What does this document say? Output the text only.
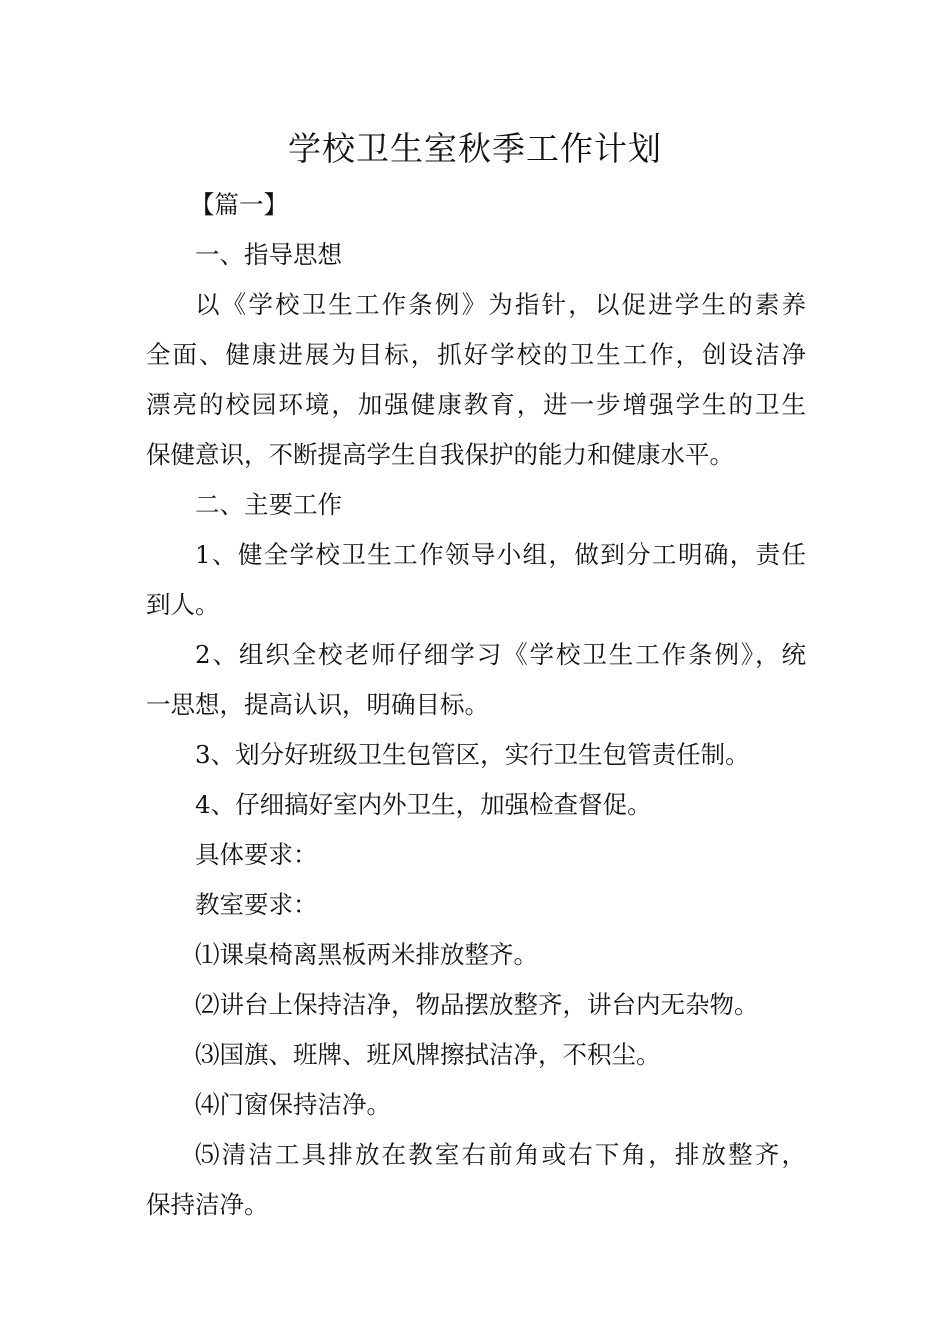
学校卫生室秋季工作计划
【篇一】
一、指导思想
以《学校卫生工作条例》为指针，以促进学生的素养
全面、健康进展为目标，抓好学校的卫生工作，创设洁净
漂亮的校园环境，加强健康教育，进一步增强学生的卫生
保健意识，不断提高学生自我保护的能力和健康水平。
二、主要工作
1、健全学校卫生工作领导小组，做到分工明确，责任
到人。
2、组织全校老师仔细学习《学校卫生工作条例》，统
一思想，提高认识，明确目标。
3、划分好班级卫生包管区，实行卫生包管责任制。
4、仔细搞好室内外卫生，加强检查督促。
具体要求：
教室要求：
⑴课桌椅离黑板两米排放整齐。
⑵讲台上保持洁净，物品摆放整齐，讲台内无杂物。
⑶国旗、班牌、班风牌擦拭洁净，不积尘。
⑷门窗保持洁净。
⑸清洁工具排放在教室右前角或右下角，排放整齐，
保持洁净。
